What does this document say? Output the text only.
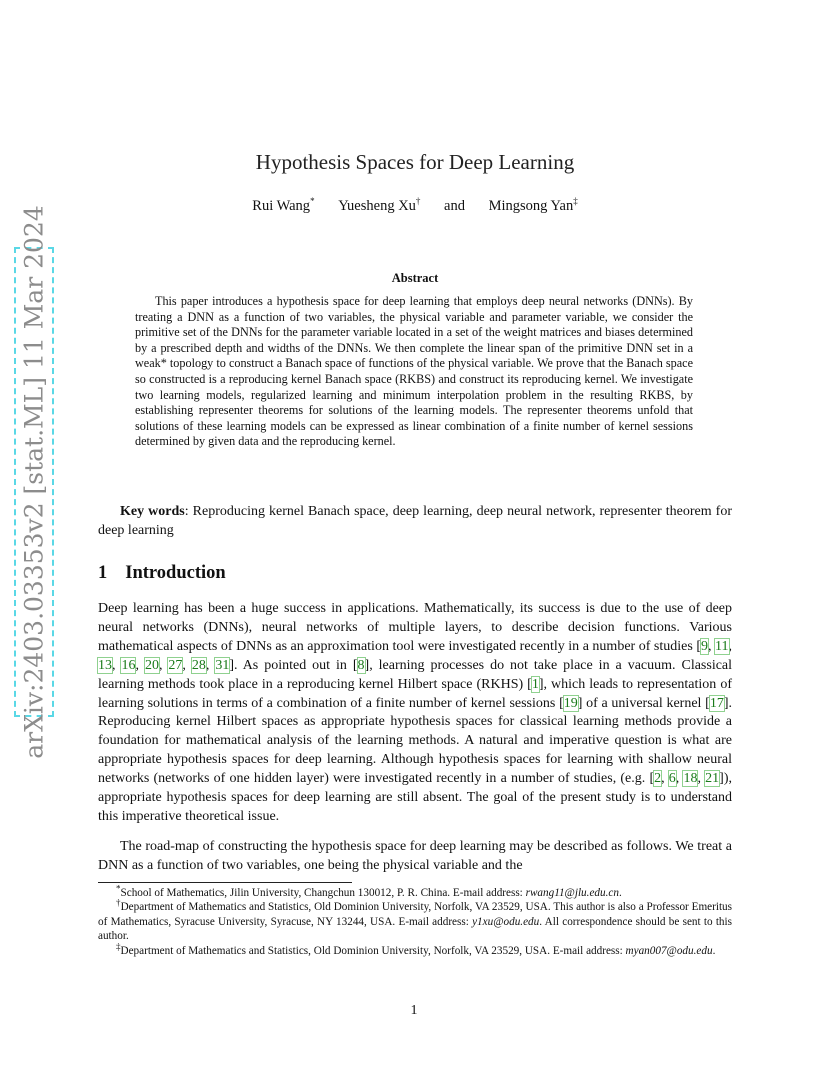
arXiv:2403.03353v2 [stat.ML] 11 Mar 2024
Hypothesis Spaces for Deep Learning
Rui Wang* Yuesheng Xu† and Mingsong Yan‡
Abstract

This paper introduces a hypothesis space for deep learning that employs deep neural networks (DNNs). By treating a DNN as a function of two variables, the physical variable and parameter variable, we consider the primitive set of the DNNs for the parameter variable located in a set of the weight matrices and biases determined by a prescribed depth and widths of the DNNs. We then complete the linear span of the primitive DNN set in a weak* topology to construct a Banach space of functions of the physical variable. We prove that the Banach space so constructed is a reproducing kernel Banach space (RKBS) and construct its reproducing kernel. We investigate two learning models, regularized learning and minimum interpolation problem in the resulting RKBS, by establishing representer theorems for solutions of the learning models. The representer theorems unfold that solutions of these learning models can be expressed as linear combination of a finite number of kernel sessions determined by given data and the reproducing kernel.

Key words: Reproducing kernel Banach space, deep learning, deep neural network, representer theorem for deep learning

1 Introduction

Deep learning has been a huge success in applications. Mathematically, its success is due to the use of deep neural networks (DNNs), neural networks of multiple layers, to describe decision functions. Various mathematical aspects of DNNs as an approximation tool were investigated recently in a number of studies [9, 11, 13, 16, 20, 27, 28, 31]. As pointed out in [8], learning processes do not take place in a vacuum. Classical learning methods took place in a reproducing kernel Hilbert space (RKHS) [1], which leads to representation of learning solutions in terms of a combination of a finite number of kernel sessions [19] of a universal kernel [17]. Reproducing kernel Hilbert spaces as appropriate hypothesis spaces for classical learning methods provide a foundation for mathematical analysis of the learning methods. A natural and imperative question is what are appropriate hypothesis spaces for deep learning. Although hypothesis spaces for learning with shallow neural networks (networks of one hidden layer) were investigated recently in a number of studies, (e.g. [2, 6, 18, 21]), appropriate hypothesis spaces for deep learning are still absent. The goal of the present study is to understand this imperative theoretical issue.

The road-map of constructing the hypothesis space for deep learning may be described as follows. We treat a DNN as a function of two variables, one being the physical variable and the

*School of Mathematics, Jilin University, Changchun 130012, P. R. China. E-mail address: rwang11@jlu.edu.cn.

†Department of Mathematics and Statistics, Old Dominion University, Norfolk, VA 23529, USA. This author is also a Professor Emeritus of Mathematics, Syracuse University, Syracuse, NY 13244, USA. E-mail address: y1xu@odu.edu. All correspondence should be sent to this author.

‡Department of Mathematics and Statistics, Old Dominion University, Norfolk, VA 23529, USA. E-mail address: myan007@odu.edu.

1
